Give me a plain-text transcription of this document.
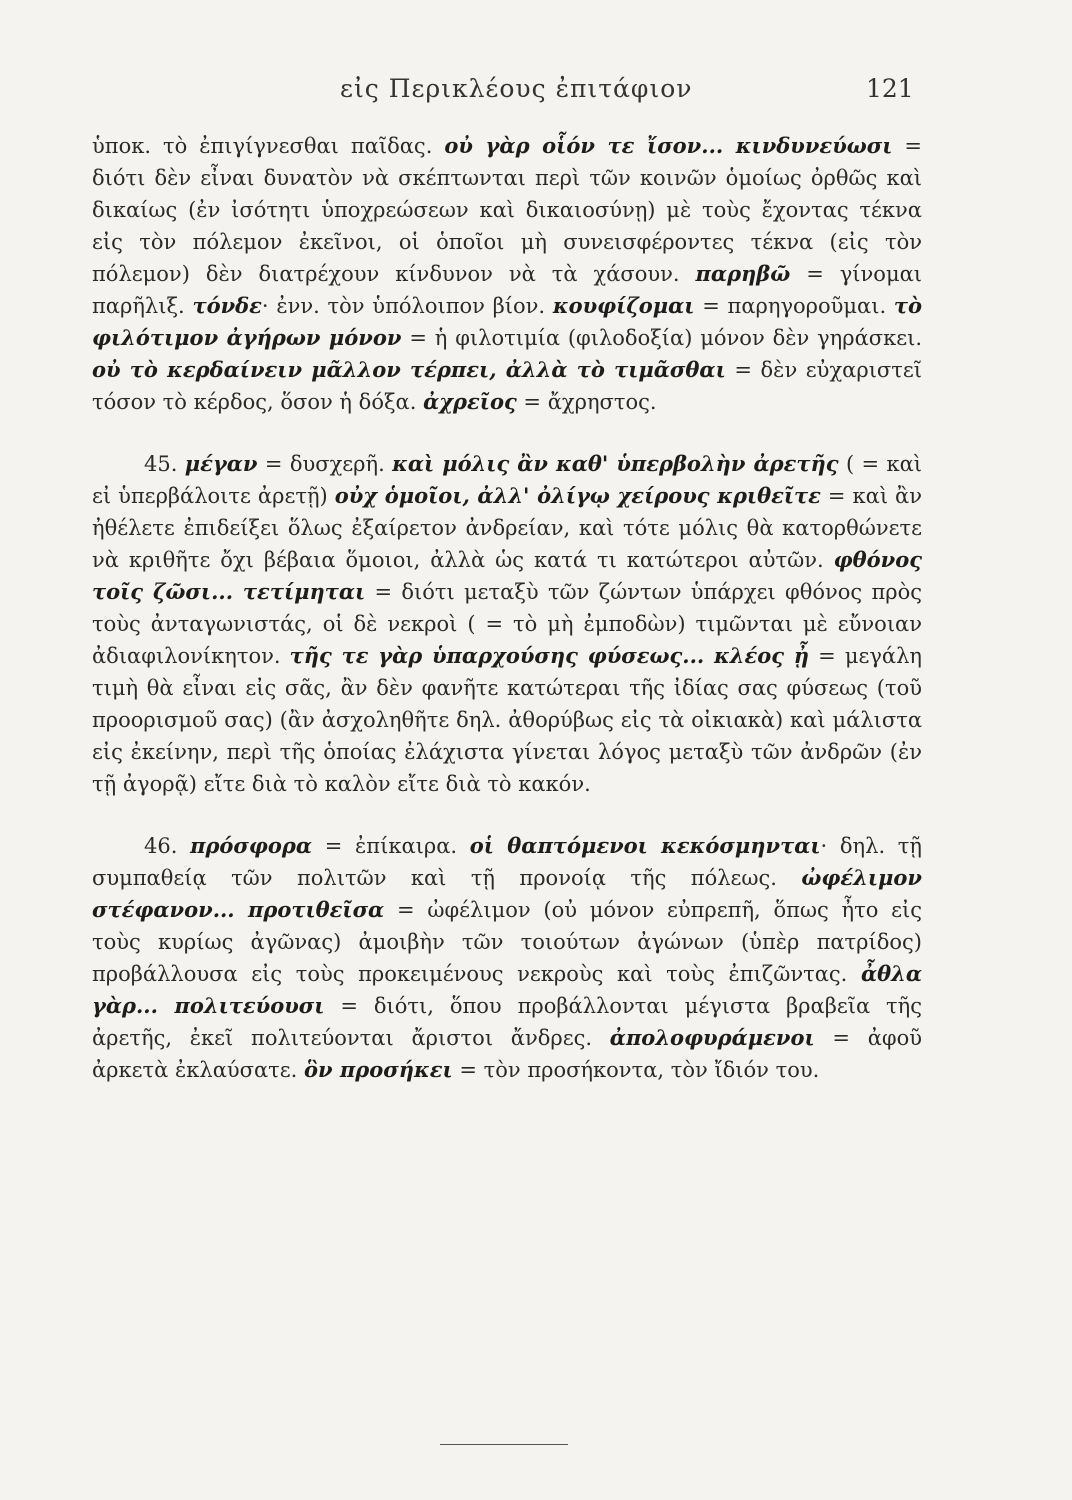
εἰς Περικλέους ἐπιτάφιον	121

ὑποκ. τὸ ἐπιγίγνεσθαι παῖδας. οὐ γὰρ οἷόν τε ἴσον... κινδυνεύωσι = διότι δὲν εἶναι δυνατὸν νὰ σκέπτωνται περὶ τῶν κοινῶν ὁμοίως ὀρθῶς καὶ δικαίως (ἐν ἰσότητι ὑποχρεώσεων καὶ δικαιοσύνῃ) μὲ τοὺς ἔχοντας τέκνα εἰς τὸν πόλεμον ἐκεῖνοι, οἱ ὁποῖοι μὴ συνεισφέροντες τέκνα (εἰς τὸν πόλεμον) δὲν διατρέχουν κίνδυνον νὰ τὰ χάσουν. παρηβῶ = γίνομαι παρῆλιξ. τόνδε· ἐνν. τὸν ὑπόλοιπον βίον. κουφίζομαι = παρηγοροῦμαι. τὸ φιλότιμον ἀγήρων μόνον = ἡ φιλοτιμία (φιλοδοξία) μόνον δὲν γηράσκει. οὐ τὸ κερδαίνειν μᾶλλον τέρπει, ἀλλὰ τὸ τιμᾶσθαι = δὲν εὐχαριστεῖ τόσον τὸ κέρδος, ὅσον ἡ δόξα. ἀχρεῖος = ἄχρηστος.

45. μέγαν = δυσχερῆ. καὶ μόλις ἂν καθ' ὑπερβολὴν ἀρετῆς ( = καὶ εἰ ὑπερβάλοιτε ἀρετῇ) οὐχ ὁμοῖοι, ἀλλ' ὀλίγῳ χείρους κριθεῖτε = καὶ ἂν ἠθέλετε ἐπιδείξει ὅλως ἐξαίρετον ἀνδρείαν, καὶ τότε μόλις θὰ κατορθώνετε νὰ κριθῆτε ὄχι βέβαια ὅμοιοι, ἀλλὰ ὡς κατά τι κατώτεροι αὐτῶν. φθόνος τοῖς ζῶσι... τετίμηται = διότι μεταξὺ τῶν ζώντων ὑπάρχει φθόνος πρὸς τοὺς ἀνταγωνιστάς, οἱ δὲ νεκροὶ ( = τὸ μὴ ἐμποδὼν) τιμῶνται μὲ εὔνοιαν ἀδιαφιλονίκητον. τῆς τε γὰρ ὑπαρχούσης φύσεως... κλέος ᾖ = μεγάλη τιμὴ θὰ εἶναι εἰς σᾶς, ἂν δὲν φανῆτε κατώτεραι τῆς ἰδίας σας φύσεως (τοῦ προορισμοῦ σας) (ἂν ἀσχοληθῆτε δηλ. ἀθορύβως εἰς τὰ οἰκιακὰ) καὶ μάλιστα εἰς ἐκείνην, περὶ τῆς ὁποίας ἐλάχιστα γίνεται λόγος μεταξὺ τῶν ἀνδρῶν (ἐν τῇ ἀγορᾷ) εἴτε διὰ τὸ καλὸν εἴτε διὰ τὸ κακόν.

46. πρόσφορα = ἐπίκαιρα. οἱ θαπτόμενοι κεκόσμηνται· δηλ. τῇ συμπαθείᾳ τῶν πολιτῶν καὶ τῇ προνοίᾳ τῆς πόλεως. ὠφέλιμον στέφανον... προτιθεῖσα = ὠφέλιμον (οὐ μόνον εὐπρεπῆ, ὅπως ἦτο εἰς τοὺς κυρίως ἀγῶνας) ἀμοιβὴν τῶν τοιούτων ἀγώνων (ὑπὲρ πατρίδος) προβάλλουσα εἰς τοὺς προκειμένους νεκροὺς καὶ τοὺς ἐπιζῶντας. ἆθλα γὰρ... πολιτεύουσι = διότι, ὅπου προβάλλονται μέγιστα βραβεῖα τῆς ἀρετῆς, ἐκεῖ πολιτεύονται ἄριστοι ἄνδρες. ἀπολοφυράμενοι = ἀφοῦ ἀρκετὰ ἐκλαύσατε. ὃν προσήκει = τὸν προσήκοντα, τὸν ἴδιόν του.
